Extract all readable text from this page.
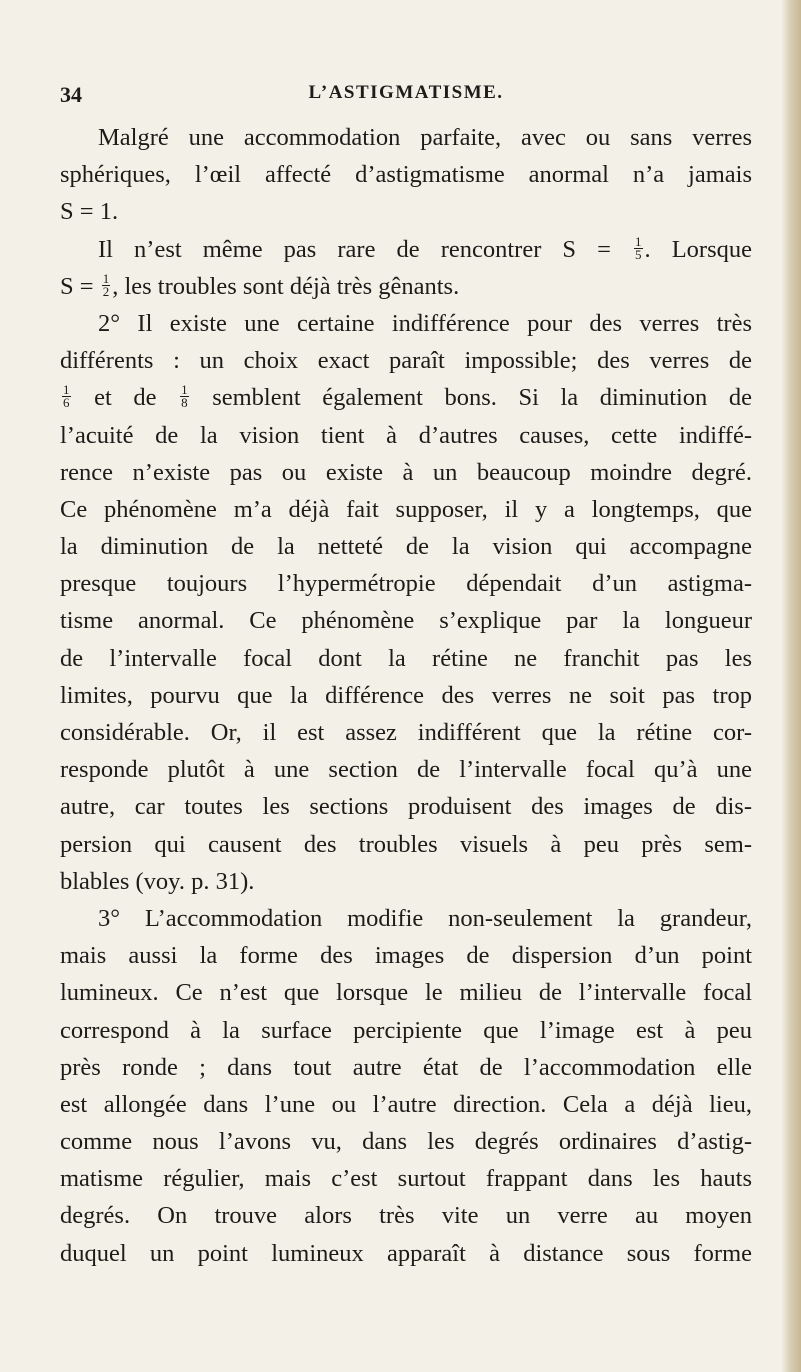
34	L’ASTIGMATISME.
Malgré une accommodation parfaite, avec ou sans verres
sphériques, l’œil affecté d’astigmatisme anormal n’a jamais
S = 1.
Il n’est même pas rare de rencontrer $S = \frac{1}{5}$ . Lorsque
$S = \frac{1}{2}$ , les troubles sont déjà très gênants.
2° Il existe une certaine indifférence pour des verres très
différents : un choix exact paraît impossible; des verres de
$\frac{1}{6}$ et de $\frac{1}{8}$ semblent également bons. Si la diminution de
l’acuité de la vision tient à d’autres causes, cette indiffé-
rence n’existe pas ou existe à un beaucoup moindre degré.
Ce phénomène m’a déjà fait supposer, il y a longtemps, que
la diminution de la netteté de la vision qui accompagne
presque toujours l’hypermétropie dépendait d’un astigma-
tisme anormal. Ce phénomène s’explique par la longueur
de l’intervalle focal dont la rétine ne franchit pas les
limites, pourvu que la différence des verres ne soit pas trop
considérable. Or, il est assez indifférent que la rétine cor-
responde plutôt à une section de l’intervalle focal qu’à une
autre, car toutes les sections produisent des images de dis-
persion qui causent des troubles visuels à peu près sem-
blables (voy. p. 31).
3° L’accommodation modifie non-seulement la grandeur,
mais aussi la forme des images de dispersion d’un point
lumineux. Ce n’est que lorsque le milieu de l’intervalle focal
correspond à la surface percipiente que l’image est à peu
près ronde ; dans tout autre état de l’accommodation elle
est allongée dans l’une ou l’autre direction. Cela a déjà lieu,
comme nous l’avons vu, dans les degrés ordinaires d’astig-
matisme régulier, mais c’est surtout frappant dans les hauts
degrés. On trouve alors très vite un verre au moyen
duquel un point lumineux apparaît à distance sous forme
